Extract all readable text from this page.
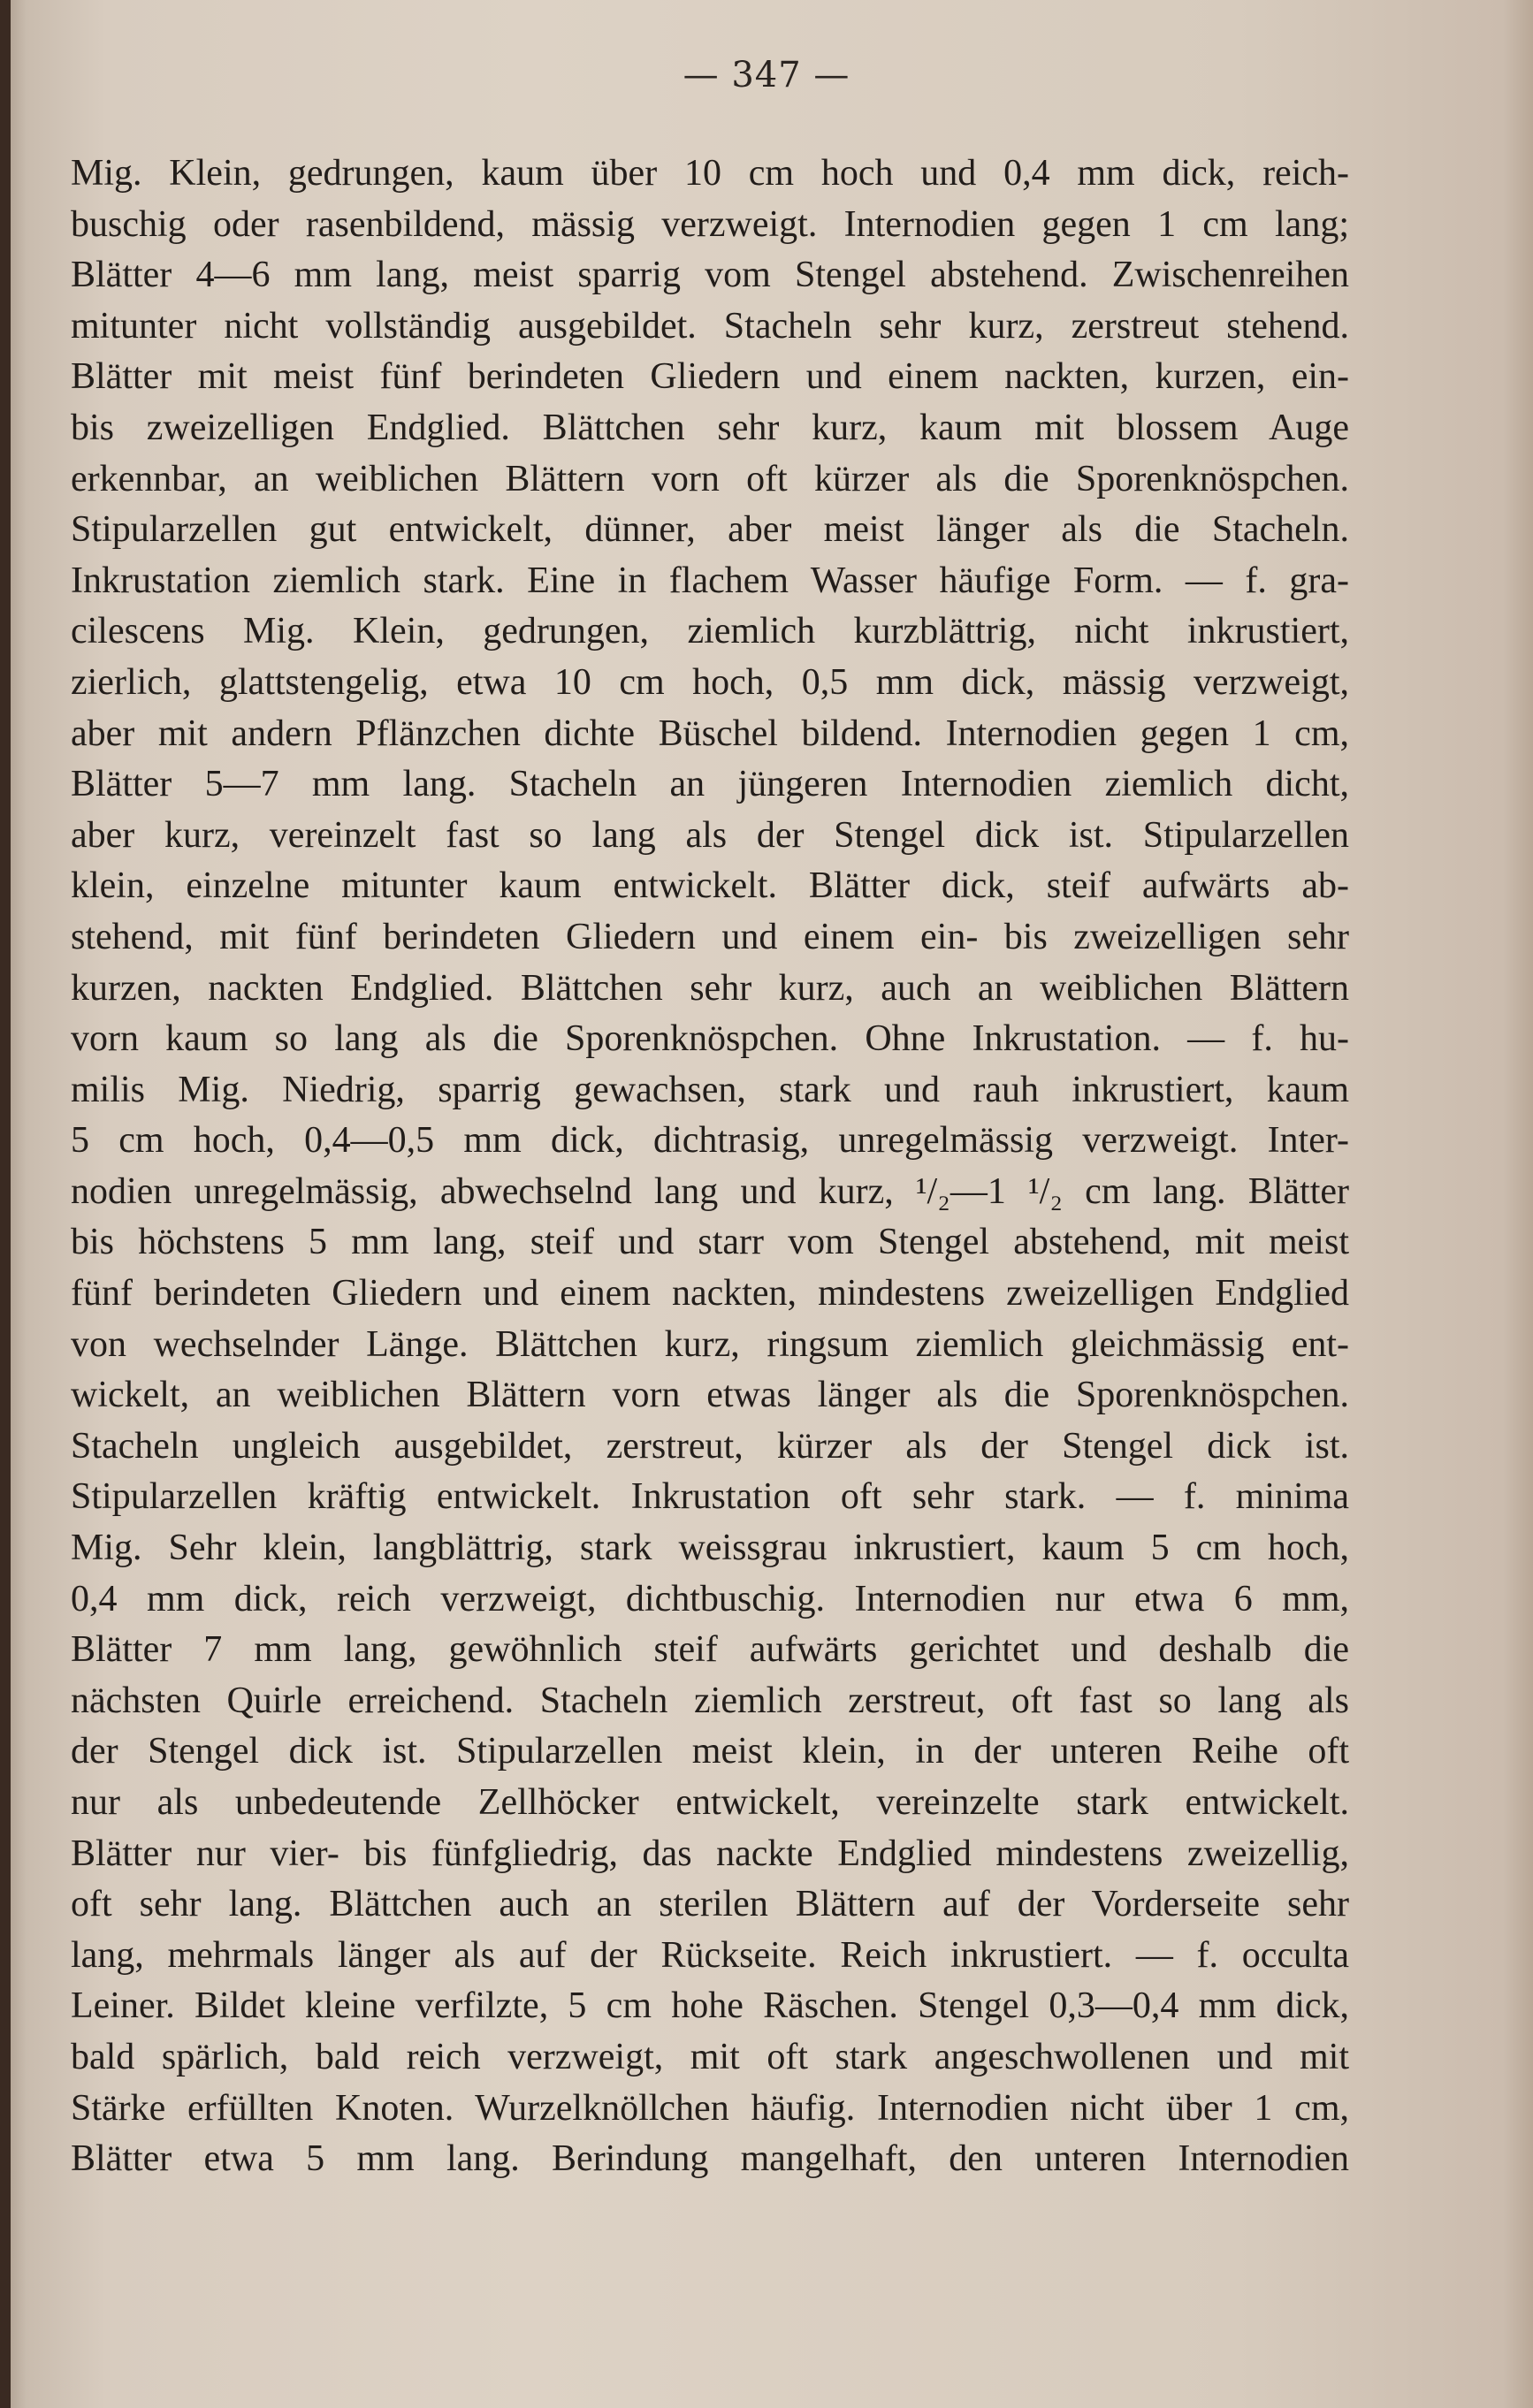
— 347 —
Mig. Klein, gedrungen, kaum über 10 cm hoch und 0,4 mm dick, reich-
buschig oder rasenbildend, mässig verzweigt. Internodien gegen 1 cm lang;
Blätter 4—6 mm lang, meist sparrig vom Stengel abstehend. Zwischenreihen
mitunter nicht vollständig ausgebildet. Stacheln sehr kurz, zerstreut stehend.
Blätter mit meist fünf berindeten Gliedern und einem nackten, kurzen, ein-
bis zweizelligen Endglied. Blättchen sehr kurz, kaum mit blossem Auge
erkennbar, an weiblichen Blättern vorn oft kürzer als die Sporenknöspchen.
Stipularzellen gut entwickelt, dünner, aber meist länger als die Stacheln.
Inkrustation ziemlich stark. Eine in flachem Wasser häufige Form. — f. gra-
cilescens Mig. Klein, gedrungen, ziemlich kurzblättrig, nicht inkrustiert,
zierlich, glattstengelig, etwa 10 cm hoch, 0,5 mm dick, mässig verzweigt,
aber mit andern Pflänzchen dichte Büschel bildend. Internodien gegen 1 cm,
Blätter 5—7 mm lang. Stacheln an jüngeren Internodien ziemlich dicht,
aber kurz, vereinzelt fast so lang als der Stengel dick ist. Stipularzellen
klein, einzelne mitunter kaum entwickelt. Blätter dick, steif aufwärts ab-
stehend, mit fünf berindeten Gliedern und einem ein- bis zweizelligen sehr
kurzen, nackten Endglied. Blättchen sehr kurz, auch an weiblichen Blättern
vorn kaum so lang als die Sporenknöspchen. Ohne Inkrustation. — f. hu-
milis Mig. Niedrig, sparrig gewachsen, stark und rauh inkrustiert, kaum
5 cm hoch, 0,4—0,5 mm dick, dichtrasig, unregelmässig verzweigt. Inter-
nodien unregelmässig, abwechselnd lang und kurz, ¹/₂—1 ¹/₂ cm lang. Blätter
bis höchstens 5 mm lang, steif und starr vom Stengel abstehend, mit meist
fünf berindeten Gliedern und einem nackten, mindestens zweizelligen Endglied
von wechselnder Länge. Blättchen kurz, ringsum ziemlich gleichmässig ent-
wickelt, an weiblichen Blättern vorn etwas länger als die Sporenknöspchen.
Stacheln ungleich ausgebildet, zerstreut, kürzer als der Stengel dick ist.
Stipularzellen kräftig entwickelt. Inkrustation oft sehr stark. — f. minima
Mig. Sehr klein, langblättrig, stark weissgrau inkrustiert, kaum 5 cm hoch,
0,4 mm dick, reich verzweigt, dichtbuschig. Internodien nur etwa 6 mm,
Blätter 7 mm lang, gewöhnlich steif aufwärts gerichtet und deshalb die
nächsten Quirle erreichend. Stacheln ziemlich zerstreut, oft fast so lang als
der Stengel dick ist. Stipularzellen meist klein, in der unteren Reihe oft
nur als unbedeutende Zellhöcker entwickelt, vereinzelte stark entwickelt.
Blätter nur vier- bis fünfgliedrig, das nackte Endglied mindestens zweizellig,
oft sehr lang. Blättchen auch an sterilen Blättern auf der Vorderseite sehr
lang, mehrmals länger als auf der Rückseite. Reich inkrustiert. — f. occulta
Leiner. Bildet kleine verfilzte, 5 cm hohe Räschen. Stengel 0,3—0,4 mm dick,
bald spärlich, bald reich verzweigt, mit oft stark angeschwollenen und mit
Stärke erfüllten Knoten. Wurzelknöllchen häufig. Internodien nicht über 1 cm,
Blätter etwa 5 mm lang. Berindung mangelhaft, den unteren Internodien
